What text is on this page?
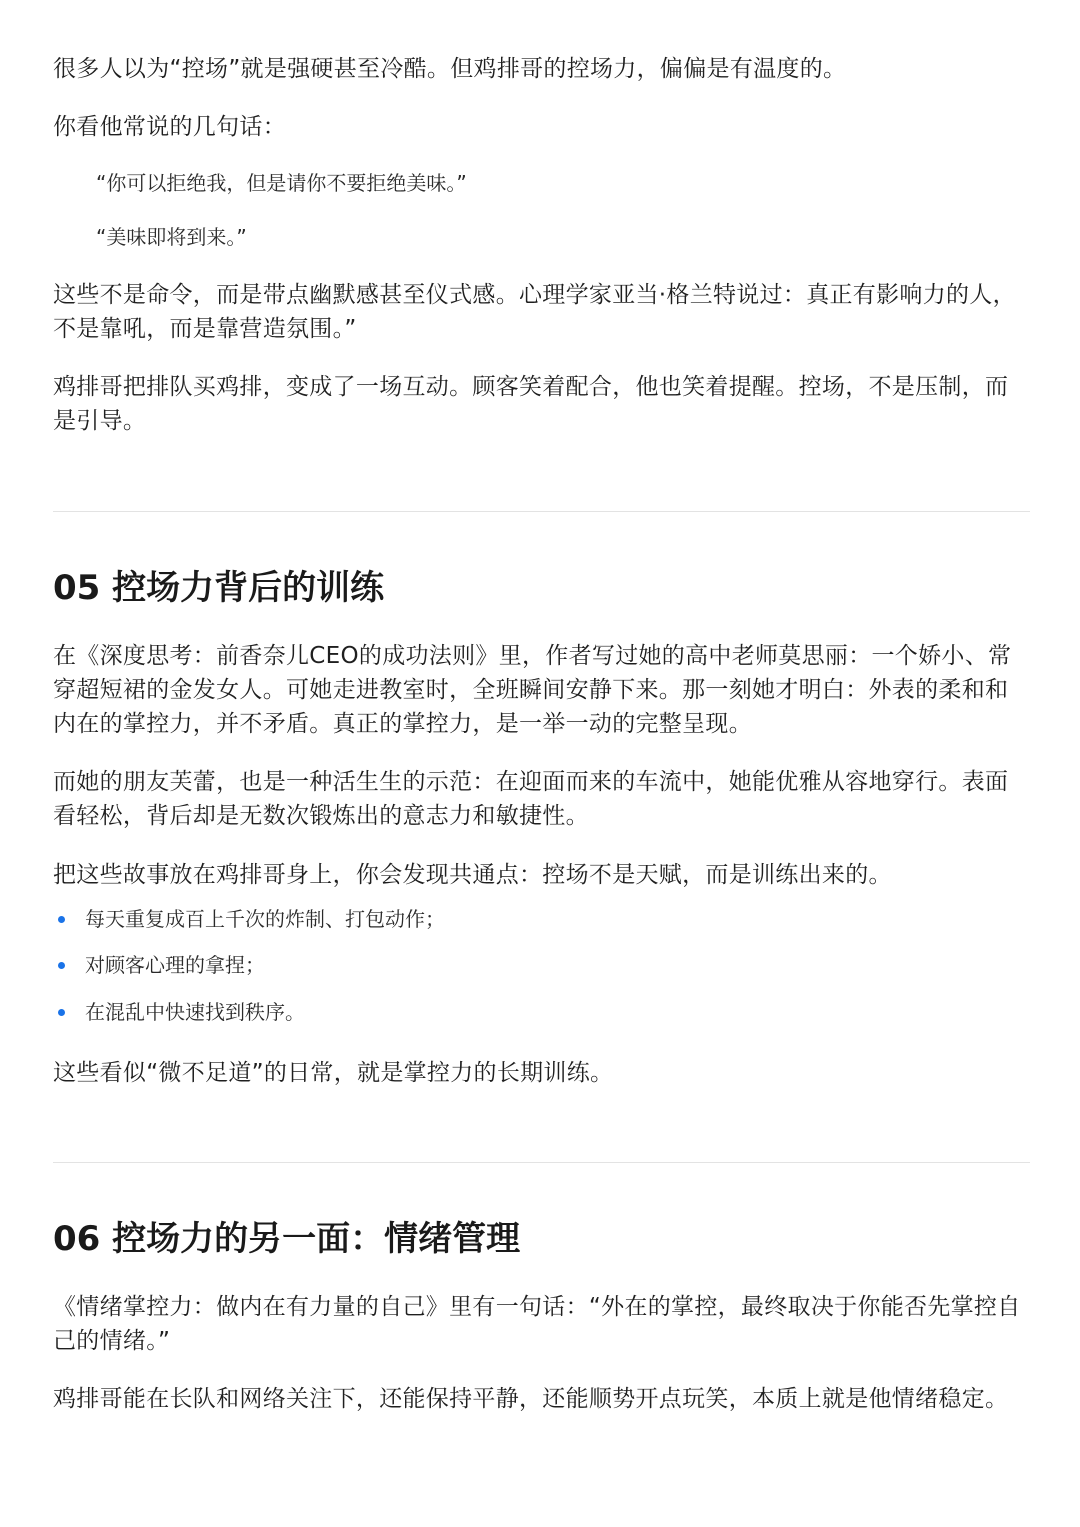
很多人以为“控场”就是强硬甚至冷酷。但鸡排哥的控场力，偏偏是有温度的。

你看他常说的几句话：

“你可以拒绝我，但是请你不要拒绝美味。”

“美味即将到来。”

这些不是命令，而是带点幽默感甚至仪式感。心理学家亚当·格兰特说过：真正有影响力的人，不是靠吼，而是靠营造氛围。”

鸡排哥把排队买鸡排，变成了一场互动。顾客笑着配合，他也笑着提醒。控场，不是压制，而是引导。

05 控场力背后的训练

在《深度思考：前香奈儿CEO的成功法则》里，作者写过她的高中老师莫思丽：一个娇小、常穿超短裙的金发女人。可她走进教室时，全班瞬间安静下来。那一刻她才明白：外表的柔和和内在的掌控力，并不矛盾。真正的掌控力，是一举一动的完整呈现。

而她的朋友芙蕾，也是一种活生生的示范：在迎面而来的车流中，她能优雅从容地穿行。表面看轻松，背后却是无数次锻炼出的意志力和敏捷性。

把这些故事放在鸡排哥身上，你会发现共通点：控场不是天赋，而是训练出来的。

每天重复成百上千次的炸制、打包动作；
对顾客心理的拿捏；
在混乱中快速找到秩序。

这些看似“微不足道”的日常，就是掌控力的长期训练。

06 控场力的另一面：情绪管理

《情绪掌控力：做内在有力量的自己》里有一句话：“外在的掌控，最终取决于你能否先掌控自己的情绪。”

鸡排哥能在长队和网络关注下，还能保持平静，还能顺势开点玩笑，本质上就是他情绪稳定。
